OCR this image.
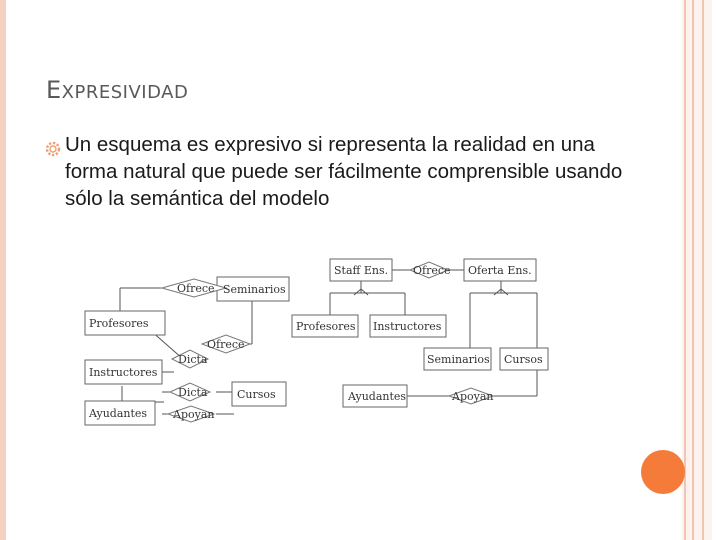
EXPRESIVIDAD

Un esquema es expresivo si representa la realidad en una forma natural que puede ser fácilmente comprensible usando sólo la semántica del modelo

Profesores
Instructores
Ayudantes
Seminarios
Cursos
Ofrece
Ofrece
Dicta
Dicta
Apoyan
Staff Ens.	Oferta Ens.
Profesores Instructores
Seminarios Cursos
Ayudantes
Ofrece
Apoyan
